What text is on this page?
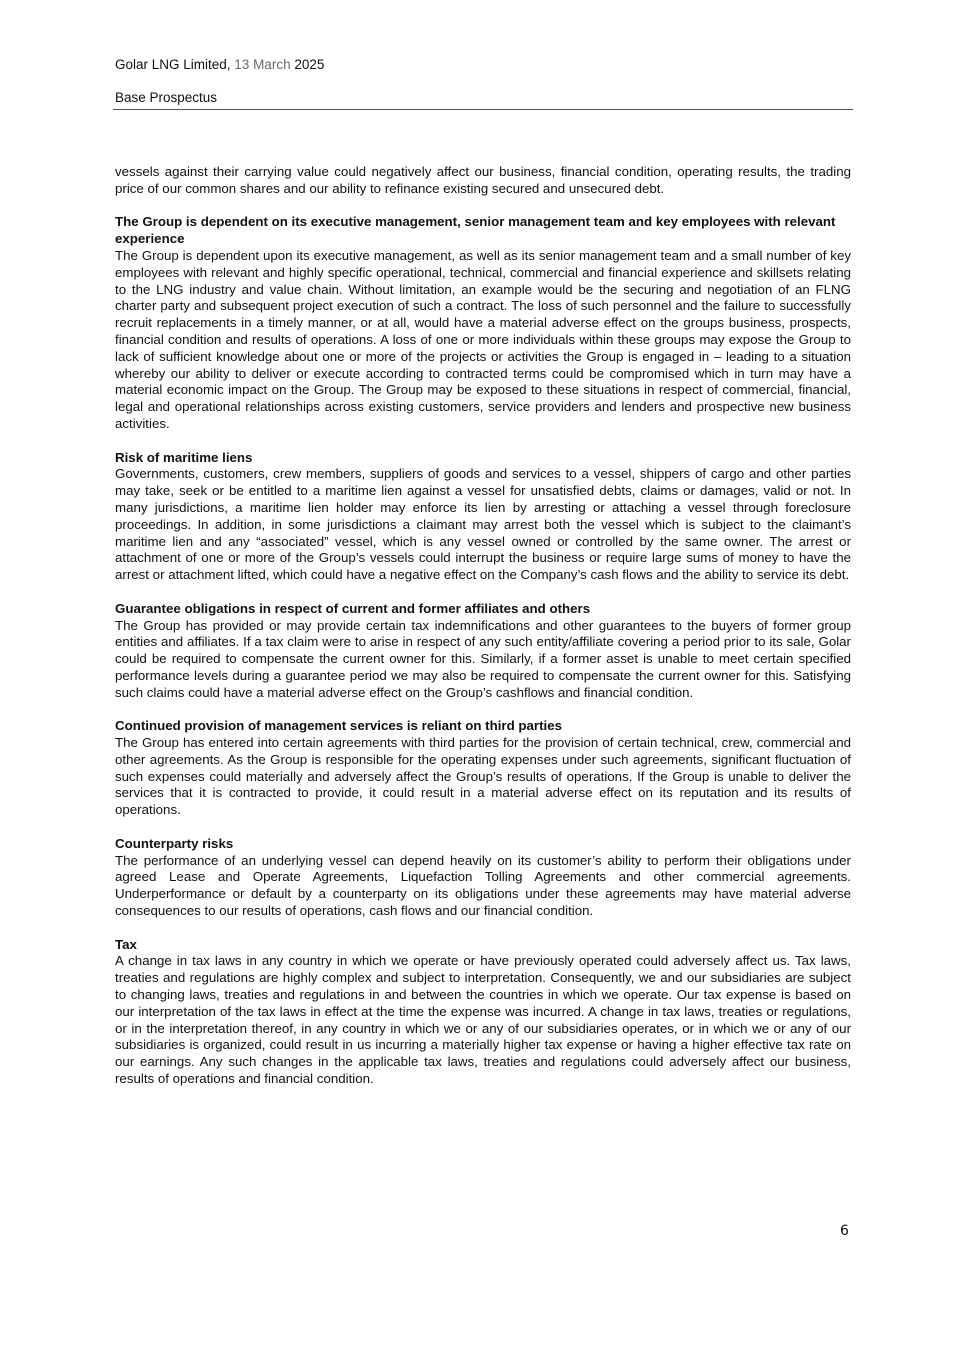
Golar LNG Limited, 13 March 2025
Base Prospectus

vessels against their carrying value could negatively affect our business, financial condition, operating results, the trading price of our common shares and our ability to refinance existing secured and unsecured debt.

The Group is dependent on its executive management, senior management team and key employees with relevant experience

The Group is dependent upon its executive management, as well as its senior management team and a small number of key employees with relevant and highly specific operational, technical, commercial and financial experience and skillsets relating to the LNG industry and value chain. Without limitation, an example would be the securing and negotiation of an FLNG charter party and subsequent project execution of such a contract. The loss of such personnel and the failure to successfully recruit replacements in a timely manner, or at all, would have a material adverse effect on the groups business, prospects, financial condition and results of operations. A loss of one or more individuals within these groups may expose the Group to lack of sufficient knowledge about one or more of the projects or activities the Group is engaged in – leading to a situation whereby our ability to deliver or execute according to contracted terms could be compromised which in turn may have a material economic impact on the Group. The Group may be exposed to these situations in respect of commercial, financial, legal and operational relationships across existing customers, service providers and lenders and prospective new business activities.

Risk of maritime liens

Governments, customers, crew members, suppliers of goods and services to a vessel, shippers of cargo and other parties may take, seek or be entitled to a maritime lien against a vessel for unsatisfied debts, claims or damages, valid or not. In many jurisdictions, a maritime lien holder may enforce its lien by arresting or attaching a vessel through foreclosure proceedings. In addition, in some jurisdictions a claimant may arrest both the vessel which is subject to the claimant’s maritime lien and any “associated” vessel, which is any vessel owned or controlled by the same owner. The arrest or attachment of one or more of the Group’s vessels could interrupt the business or require large sums of money to have the arrest or attachment lifted, which could have a negative effect on the Company’s cash flows and the ability to service its debt.

Guarantee obligations in respect of current and former affiliates and others

The Group has provided or may provide certain tax indemnifications and other guarantees to the buyers of former group entities and affiliates. If a tax claim were to arise in respect of any such entity/affiliate covering a period prior to its sale, Golar could be required to compensate the current owner for this. Similarly, if a former asset is unable to meet certain specified performance levels during a guarantee period we may also be required to compensate the current owner for this. Satisfying such claims could have a material adverse effect on the Group’s cashflows and financial condition.

Continued provision of management services is reliant on third parties

The Group has entered into certain agreements with third parties for the provision of certain technical, crew, commercial and other agreements. As the Group is responsible for the operating expenses under such agreements, significant fluctuation of such expenses could materially and adversely affect the Group’s results of operations. If the Group is unable to deliver the services that it is contracted to provide, it could result in a material adverse effect on its reputation and its results of operations.

Counterparty risks

The performance of an underlying vessel can depend heavily on its customer’s ability to perform their obligations under agreed Lease and Operate Agreements, Liquefaction Tolling Agreements and other commercial agreements. Underperformance or default by a counterparty on its obligations under these agreements may have material adverse consequences to our results of operations, cash flows and our financial condition.

Tax

A change in tax laws in any country in which we operate or have previously operated could adversely affect us. Tax laws, treaties and regulations are highly complex and subject to interpretation. Consequently, we and our subsidiaries are subject to changing laws, treaties and regulations in and between the countries in which we operate. Our tax expense is based on our interpretation of the tax laws in effect at the time the expense was incurred. A change in tax laws, treaties or regulations, or in the interpretation thereof, in any country in which we or any of our subsidiaries operates, or in which we or any of our subsidiaries is organized, could result in us incurring a materially higher tax expense or having a higher effective tax rate on our earnings. Any such changes in the applicable tax laws, treaties and regulations could adversely affect our business, results of operations and financial condition.

6
